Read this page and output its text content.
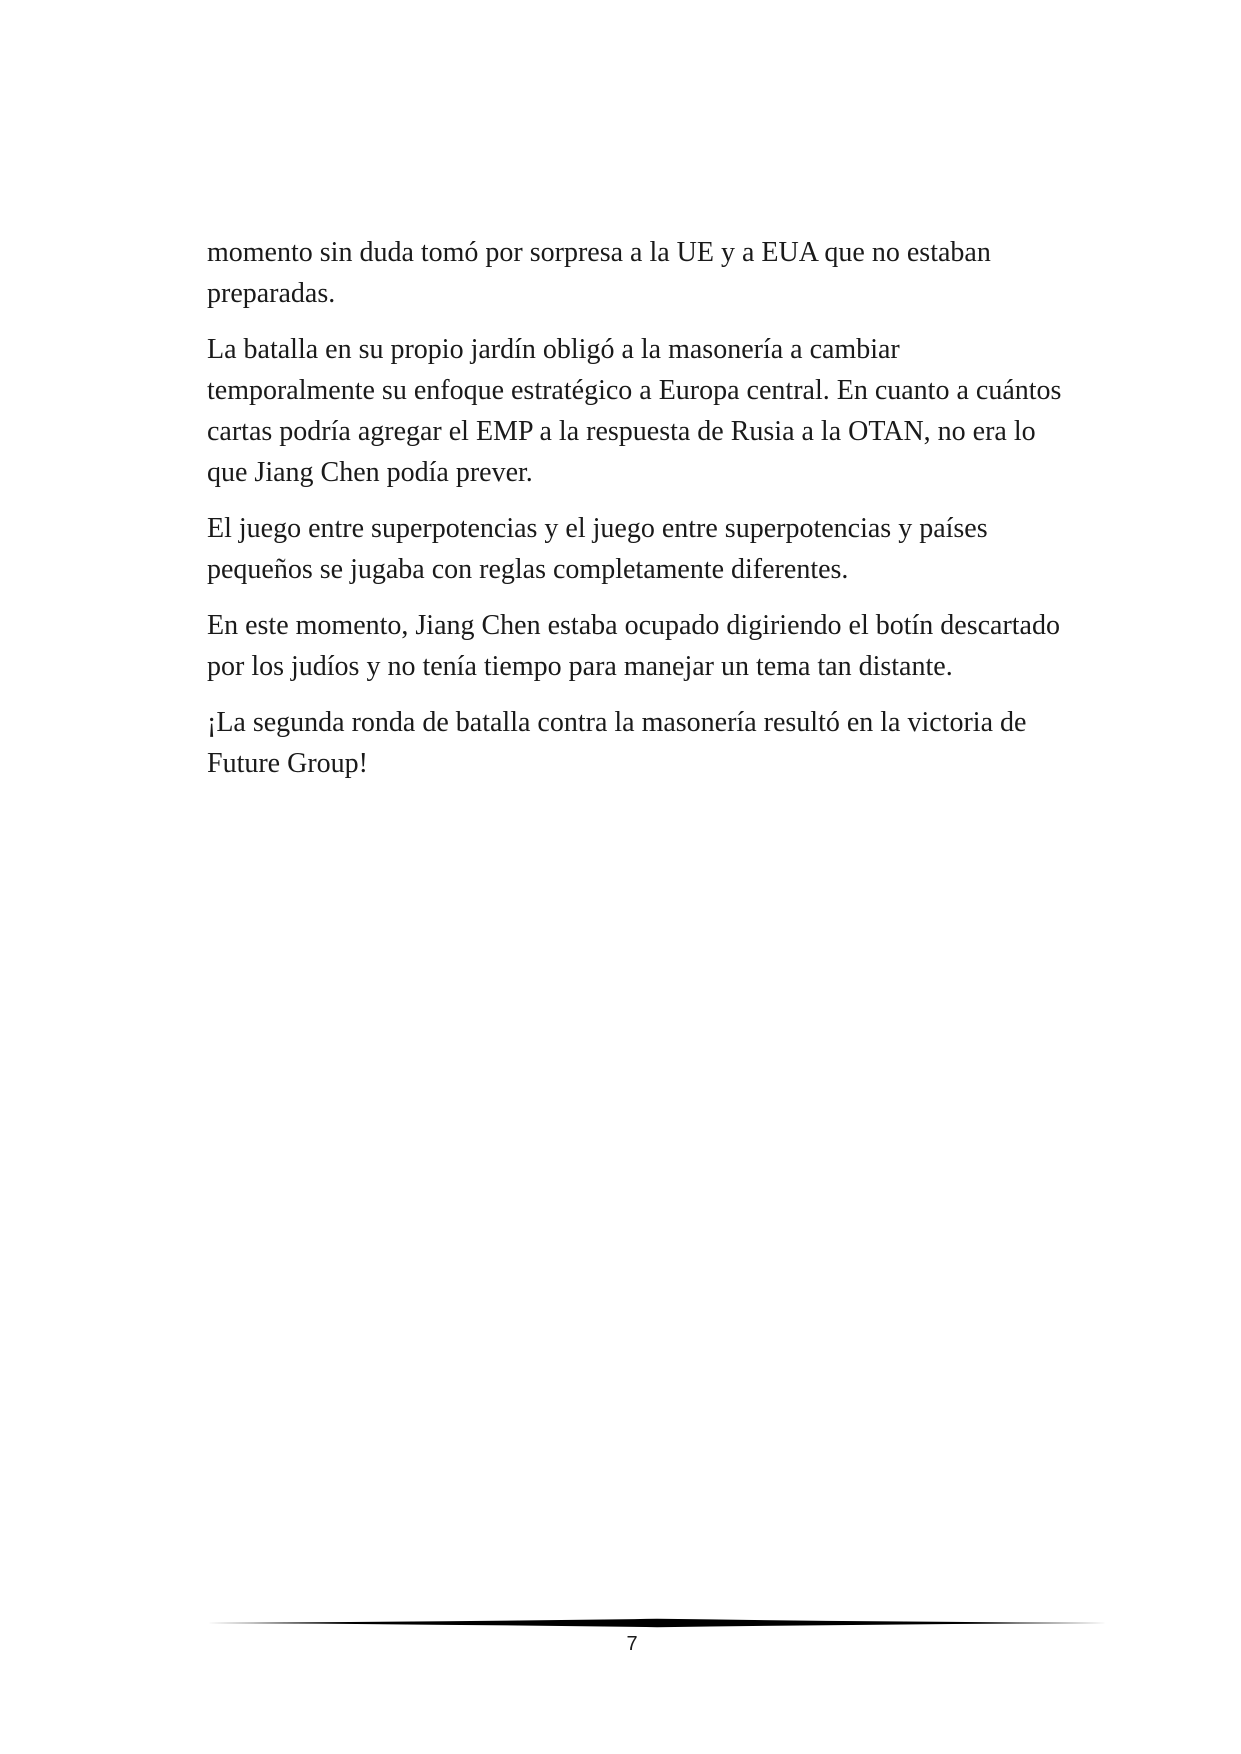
momento sin duda tomó por sorpresa a la UE y a EUA que no estaban preparadas.

La batalla en su propio jardín obligó a la masonería a cambiar temporalmente su enfoque estratégico a Europa central. En cuanto a cuántos cartas podría agregar el EMP a la respuesta de Rusia a la OTAN, no era lo que Jiang Chen podía prever.

El juego entre superpotencias y el juego entre superpotencias y países pequeños se jugaba con reglas completamente diferentes.

En este momento, Jiang Chen estaba ocupado digiriendo el botín descartado por los judíos y no tenía tiempo para manejar un tema tan distante.

¡La segunda ronda de batalla contra la masonería resultó en la victoria de Future Group!

7
